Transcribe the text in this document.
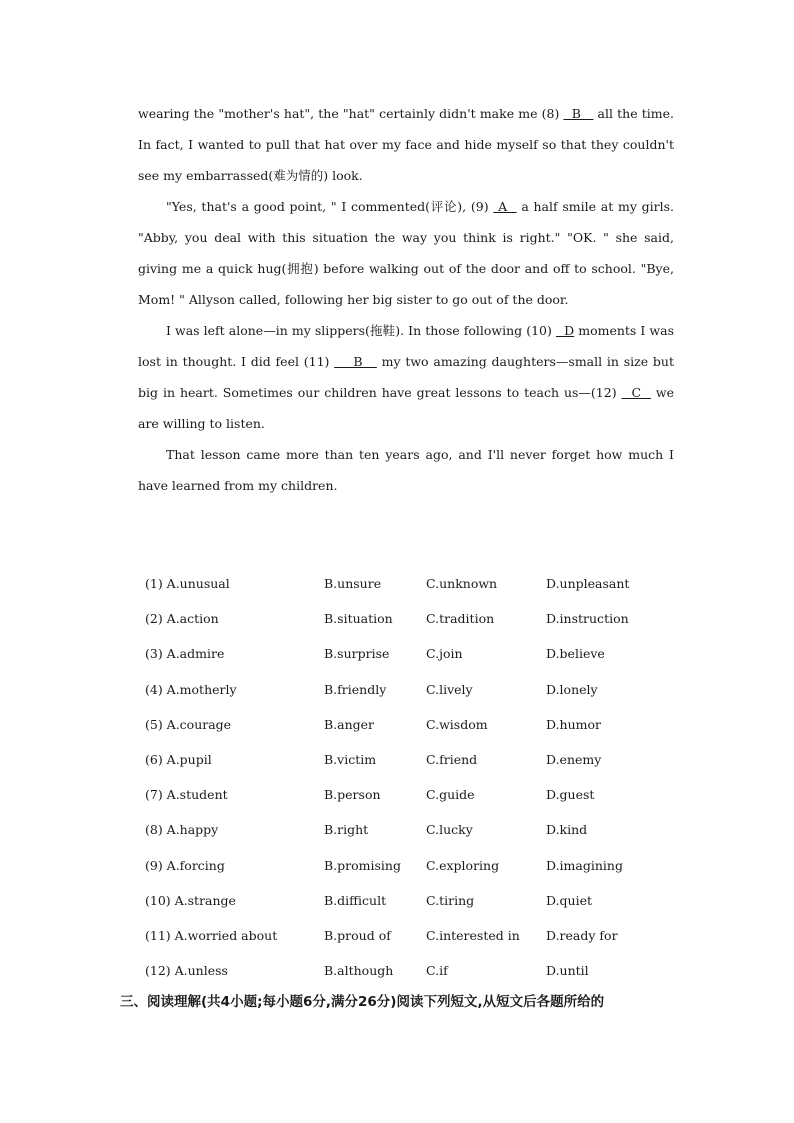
wearing the "mother's hat", the "hat" certainly didn't make me (8)   B    all the time. In fact, I wanted to pull that hat over my face and hide myself so that they couldn't see my embarrassed(难为情的) look.

"Yes, that's a good point, " I commented(评论), (9)  A   a half smile at my girls. "Abby, you deal with this situation the way you think is right." "OK. " she said, giving me a quick hug(拥抱) before walking out of the door and off to school. "Bye, Mom! " Allyson called, following her big sister to go out of the door.

I was left alone—in my slippers(拖鞋). In those following (10)   D moments I was lost in thought. I did feel (11)     B    my two amazing daughters—small in size but big in heart. Sometimes our children have great lessons to teach us—(12)   C   we are willing to listen.

That lesson came more than ten years ago, and I'll never forget how much I have learned from my children.

(1) A.unusual	B.unsure	C.unknown	D.unpleasant
(2) A.action	B.situation	C.tradition	D.instruction
(3) A.admire	B.surprise	C.join	D.believe
(4) A.motherly	B.friendly	C.lively	D.lonely
(5) A.courage	B.anger	C.wisdom	D.humor
(6) A.pupil	B.victim	C.friend	D.enemy
(7) A.student	B.person	C.guide	D.guest
(8) A.happy	B.right	C.lucky	D.kind
(9) A.forcing	B.promising	C.exploring	D.imagining
(10) A.strange	B.difficult	C.tiring	D.quiet
(11) A.worried about	B.proud of	C.interested in	D.ready for
(12) A.unless	B.although	C.if	D.until
三、阅读理解(共4小题;每小题6分,满分26分)阅读下列短文,从短文后各题所给的
